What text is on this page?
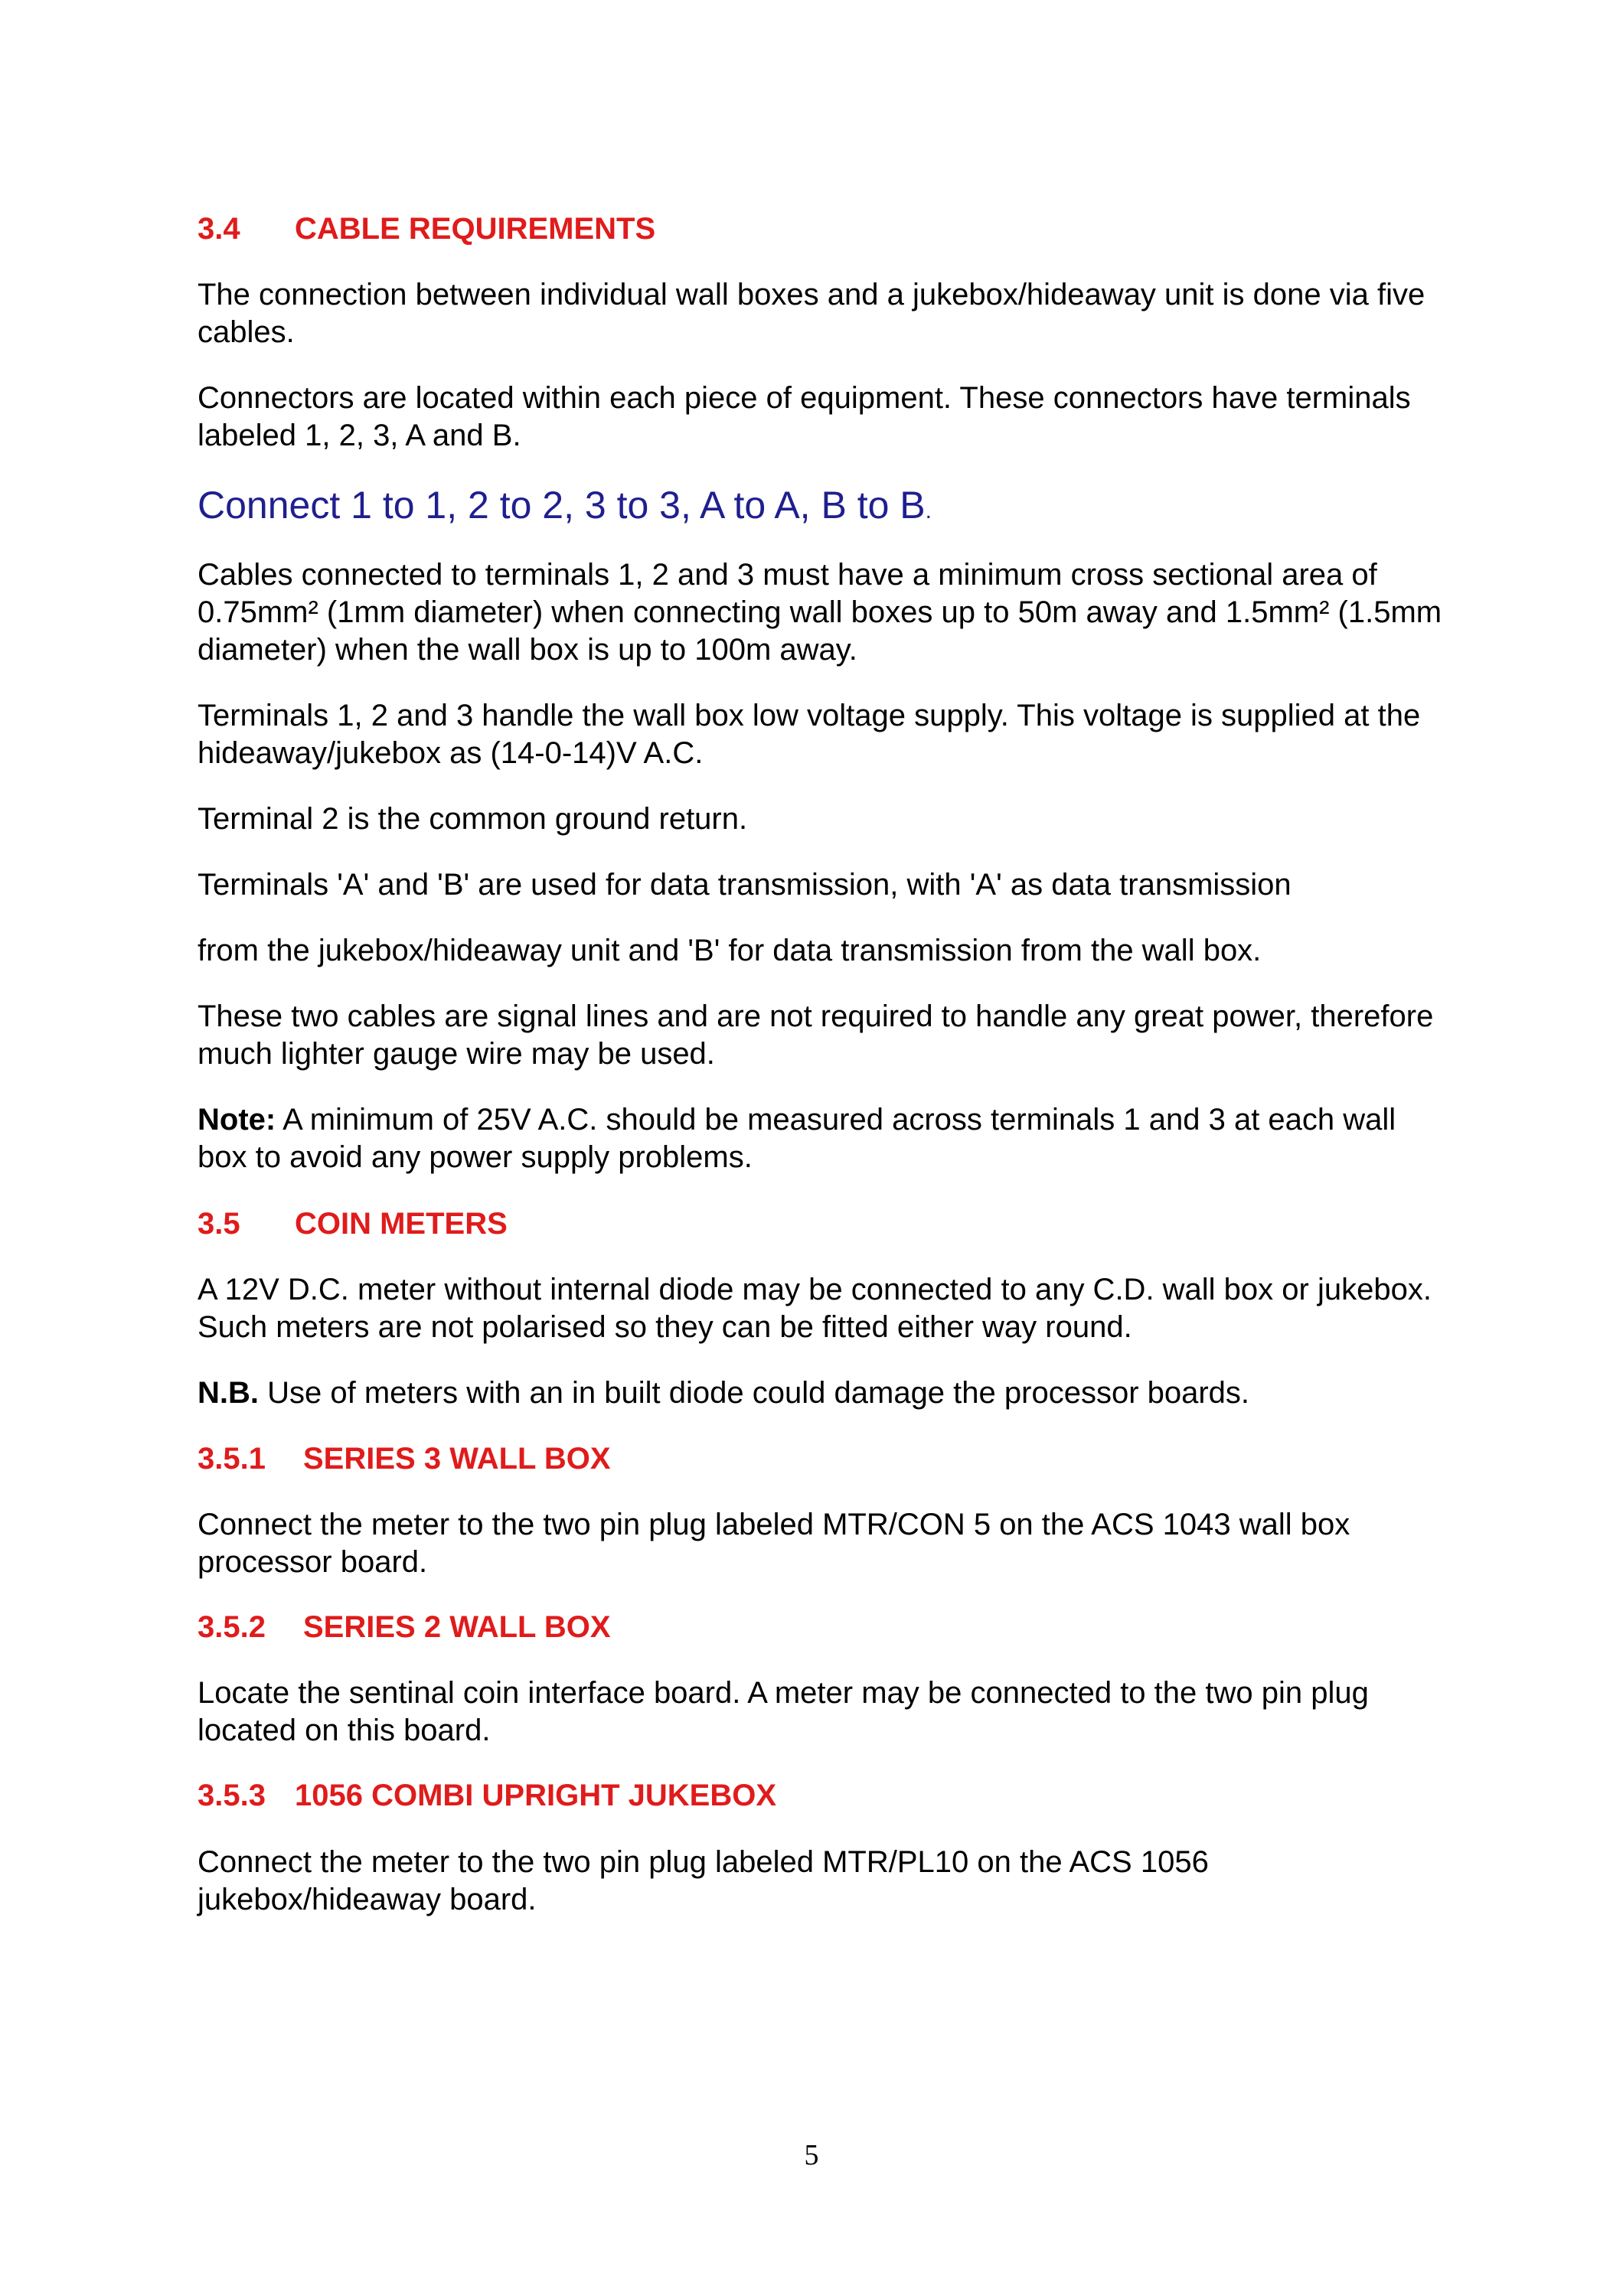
3.4 CABLE REQUIREMENTS

The connection between individual wall boxes and a jukebox/hideaway unit is done via five cables.

Connectors are located within each piece of equipment. These connectors have terminals labeled 1, 2, 3, A and B.

Connect 1 to 1, 2 to 2, 3 to 3, A to A, B to B.

Cables connected to terminals 1, 2 and 3 must have a minimum cross sectional area of 0.75mm² (1mm diameter) when connecting wall boxes up to 50m away and 1.5mm² (1.5mm diameter) when the wall box is up to 100m away.

Terminals 1, 2 and 3 handle the wall box low voltage supply. This voltage is supplied at the hideaway/jukebox as (14-0-14)V A.C.

Terminal 2 is the common ground return.

Terminals 'A' and 'B' are used for data transmission, with 'A' as data transmission

from the jukebox/hideaway unit and 'B' for data transmission from the wall box.

These two cables are signal lines and are not required to handle any great power, therefore much lighter gauge wire may be used.

Note: A minimum of 25V A.C. should be measured across terminals 1 and 3 at each wall box to avoid any power supply problems.

3.5 COIN METERS

A 12V D.C. meter without internal diode may be connected to any C.D. wall box or jukebox. Such meters are not polarised so they can be fitted either way round.

N.B. Use of meters with an in built diode could damage the processor boards.

3.5.1 SERIES 3 WALL BOX

Connect the meter to the two pin plug labeled MTR/CON 5 on the ACS 1043 wall box processor board.

3.5.2 SERIES 2 WALL BOX

Locate the sentinal coin interface board. A meter may be connected to the two pin plug located on this board.

3.5.3 1056 COMBI UPRIGHT JUKEBOX

Connect the meter to the two pin plug labeled MTR/PL10 on the ACS 1056 jukebox/hideaway board.

5
